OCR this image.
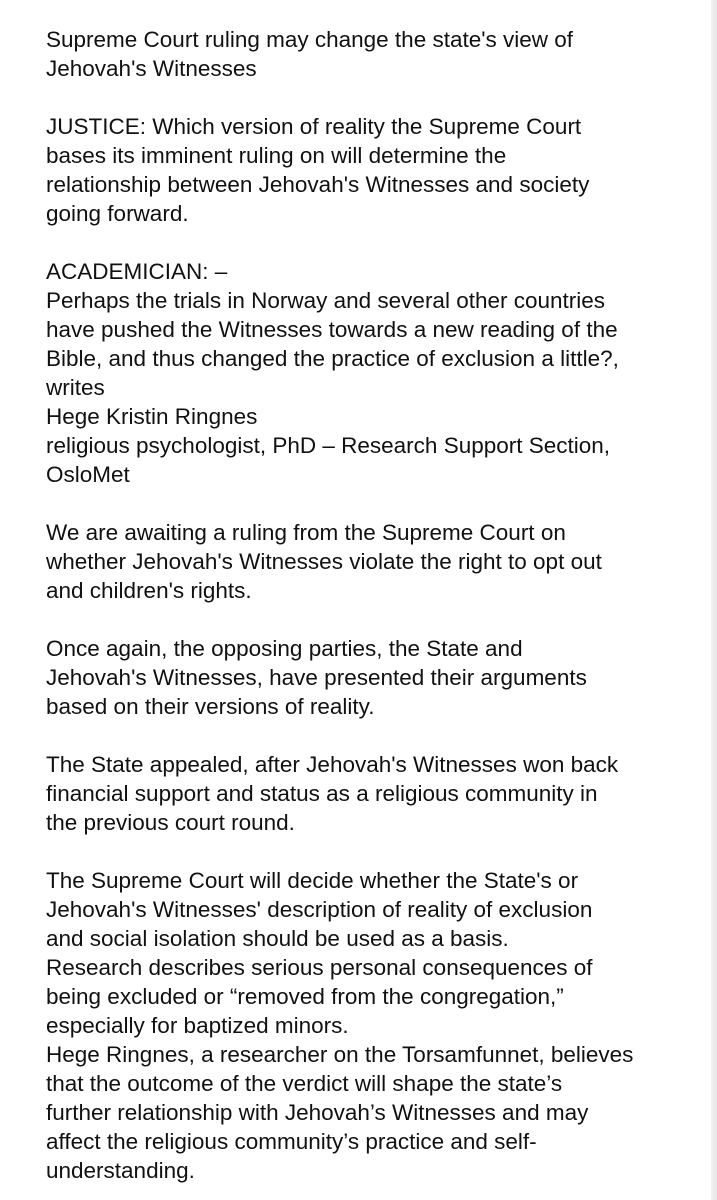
Supreme Court ruling may change the state's view of
Jehovah's Witnesses
JUSTICE: Which version of reality the Supreme Court
bases its imminent ruling on will determine the
relationship between Jehovah's Witnesses and society
going forward.
ACADEMICIAN: –
Perhaps the trials in Norway and several other countries
have pushed the Witnesses towards a new reading of the
Bible, and thus changed the practice of exclusion a little?,
writes
Hege Kristin Ringnes
religious psychologist, PhD – Research Support Section,
OsloMet
We are awaiting a ruling from the Supreme Court on
whether Jehovah's Witnesses violate the right to opt out
and children's rights.
Once again, the opposing parties, the State and
Jehovah's Witnesses, have presented their arguments
based on their versions of reality.
The State appealed, after Jehovah's Witnesses won back
financial support and status as a religious community in
the previous court round.
The Supreme Court will decide whether the State's or
Jehovah's Witnesses' description of reality of exclusion
and social isolation should be used as a basis.
Research describes serious personal consequences of
being excluded or “removed from the congregation,”
especially for baptized minors.
Hege Ringnes, a researcher on the Torsamfunnet, believes
that the outcome of the verdict will shape the state’s
further relationship with Jehovah’s Witnesses and may
affect the religious community’s practice and self-
understanding.
